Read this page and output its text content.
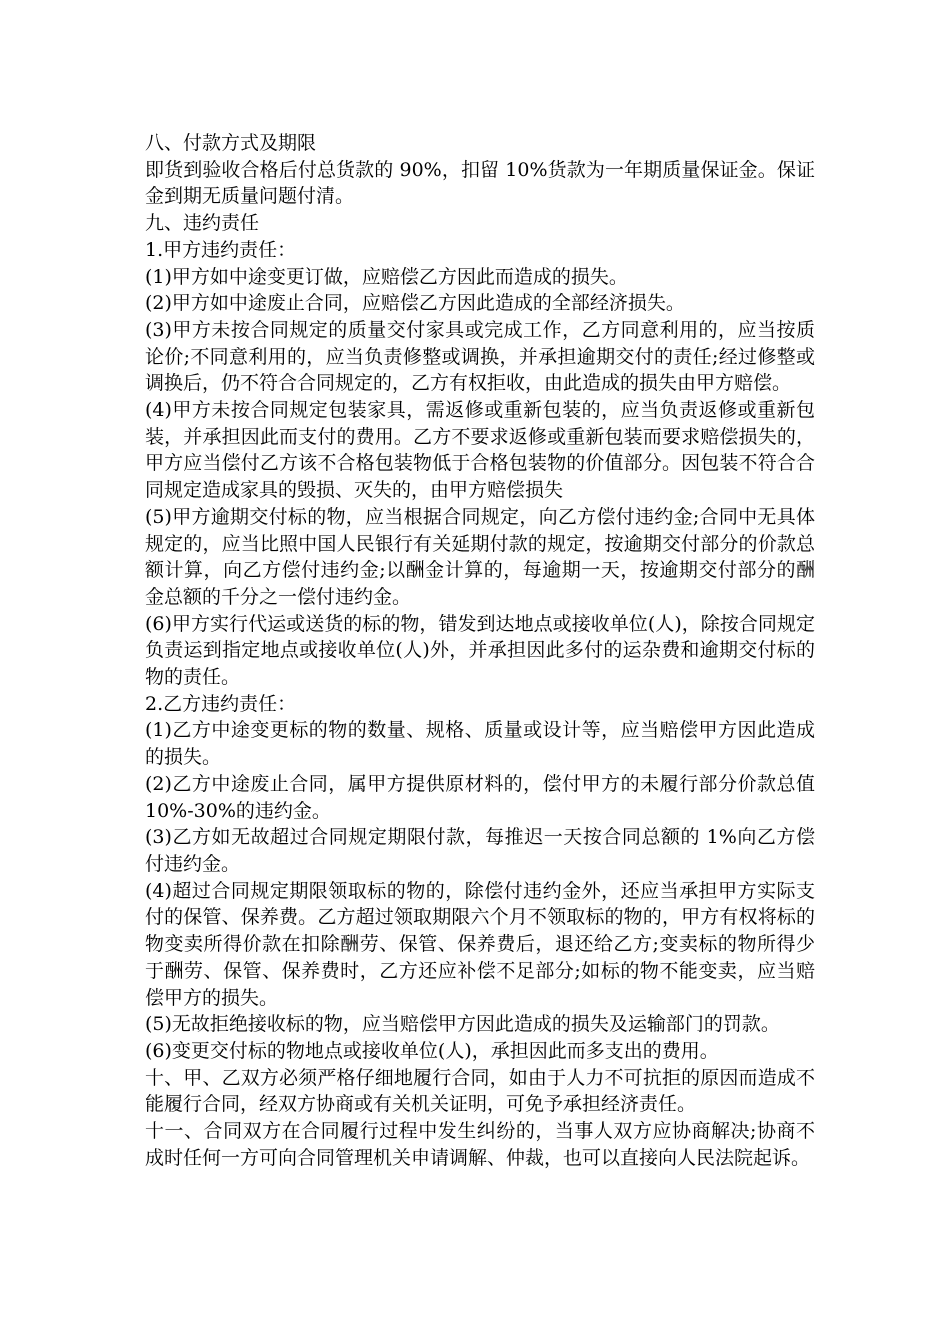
八、付款方式及期限

即货到验收合格后付总货款的 90%，扣留 10%货款为一年期质量保证金。保证金到期无质量问题付清。

九、违约责任

1.甲方违约责任：

(1)甲方如中途变更订做，应赔偿乙方因此而造成的损失。

(2)甲方如中途废止合同，应赔偿乙方因此造成的全部经济损失。

(3)甲方未按合同规定的质量交付家具或完成工作，乙方同意利用的，应当按质论价;不同意利用的，应当负责修整或调换，并承担逾期交付的责任;经过修整或调换后，仍不符合合同规定的，乙方有权拒收，由此造成的损失由甲方赔偿。

(4)甲方未按合同规定包装家具，需返修或重新包装的，应当负责返修或重新包装，并承担因此而支付的费用。乙方不要求返修或重新包装而要求赔偿损失的，甲方应当偿付乙方该不合格包装物低于合格包装物的价值部分。因包装不符合合同规定造成家具的毁损、灭失的，由甲方赔偿损失

(5)甲方逾期交付标的物，应当根据合同规定，向乙方偿付违约金;合同中无具体规定的，应当比照中国人民银行有关延期付款的规定，按逾期交付部分的价款总额计算，向乙方偿付违约金;以酬金计算的，每逾期一天，按逾期交付部分的酬金总额的千分之一偿付违约金。

(6)甲方实行代运或送货的标的物，错发到达地点或接收单位(人)，除按合同规定负责运到指定地点或接收单位(人)外，并承担因此多付的运杂费和逾期交付标的物的责任。

2.乙方违约责任：

(1)乙方中途变更标的物的数量、规格、质量或设计等，应当赔偿甲方因此造成的损失。

(2)乙方中途废止合同，属甲方提供原材料的，偿付甲方的未履行部分价款总值 10%-30%的违约金。

(3)乙方如无故超过合同规定期限付款，每推迟一天按合同总额的 1%向乙方偿付违约金。

(4)超过合同规定期限领取标的物的，除偿付违约金外，还应当承担甲方实际支付的保管、保养费。乙方超过领取期限六个月不领取标的物的，甲方有权将标的物变卖所得价款在扣除酬劳、保管、保养费后，退还给乙方;变卖标的物所得少于酬劳、保管、保养费时，乙方还应补偿不足部分;如标的物不能变卖，应当赔偿甲方的损失。

(5)无故拒绝接收标的物，应当赔偿甲方因此造成的损失及运输部门的罚款。

(6)变更交付标的物地点或接收单位(人)，承担因此而多支出的费用。

十、甲、乙双方必须严格仔细地履行合同，如由于人力不可抗拒的原因而造成不能履行合同，经双方协商或有关机关证明，可免予承担经济责任。

十一、合同双方在合同履行过程中发生纠纷的，当事人双方应协商解决;协商不成时任何一方可向合同管理机关申请调解、仲裁，也可以直接向人民法院起诉。
